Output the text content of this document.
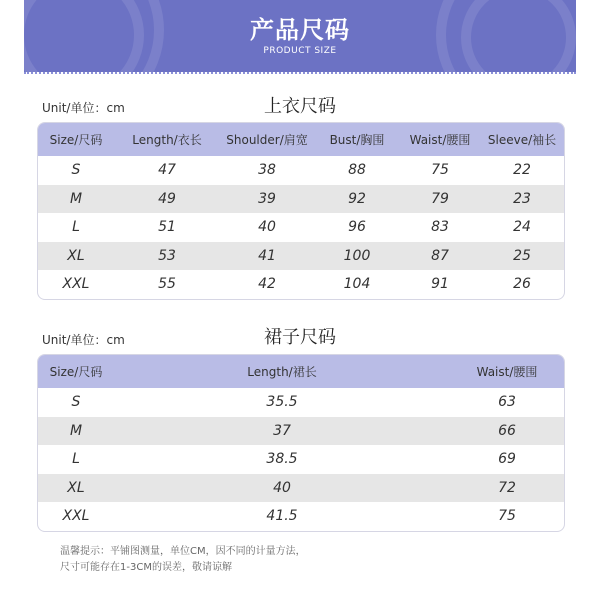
产品尺码
PRODUCT SIZE
Unit/单位：cm	上衣尺码
Size/尺码	Length/衣长	Shoulder/肩宽	Bust/胸围	Waist/腰围	Sleeve/袖长
S	47	38	88	75	22
M	49	39	92	79	23
L	51	40	96	83	24
XL	53	41	100	87	25
XXL	55	42	104	91	26
Unit/单位：cm	裙子尺码
Size/尺码	Length/裙长	Waist/腰围
S	35.5	63
M	37	66
L	38.5	69
XL	40	72
XXL	41.5	75
温馨提示：平铺图测量，单位CM，因不同的计量方法，
尺寸可能存在1-3CM的误差，敬请谅解
